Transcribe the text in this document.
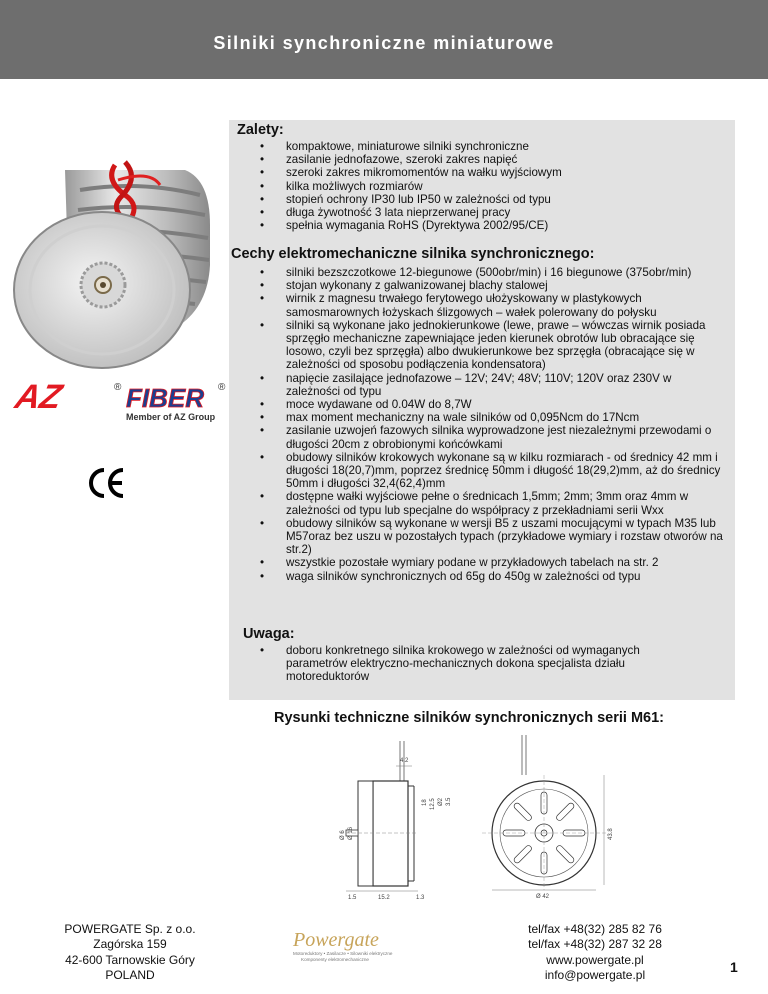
Silniki synchroniczne miniaturowe
AZ	® FIBER ®
Member of AZ Group
Zalety:
• kompaktowe, miniaturowe silniki synchroniczne
• zasilanie jednofazowe, szeroki zakres napięć
• szeroki zakres mikromomentów na wałku wyjściowym
• kilka możliwych rozmiarów
• stopień ochrony IP30 lub IP50 w zależności od typu
• długa żywotność 3 lata nieprzerwanej pracy
• spełnia wymagania RoHS (Dyrektywa 2002/95/CE)
Cechy elektromechaniczne silnika synchronicznego:
• silniki bezszczotkowe 12-biegunowe (500obr/min) i 16 biegunowe (375obr/min)
• stojan wykonany z galwanizowanej blachy stalowej
• wirnik z magnesu trwałego ferytowego ułożyskowany w plastykowych samosmarownych łożyskach ślizgowych – wałek polerowany do połysku
• silniki są wykonane jako jednokierunkowe (lewe, prawe – wówczas wirnik posiada sprzęgło mechaniczne zapewniające jeden kierunek obrotów lub obracające się losowo, czyli bez sprzęgła) albo dwukierunkowe bez sprzęgła (obracające się w zależności od sposobu podłączenia kondensatora)
• napięcie zasilające jednofazowe – 12V; 24V; 48V; 110V; 120V oraz 230V w zależności od typu
• moce wydawane od 0.04W do 8,7W
• max moment mechaniczny na wale silników od 0,095Ncm do 17Ncm
• zasilanie uzwojeń fazowych silnika wyprowadzone jest niezależnymi przewodami o długości 20cm z obrobionymi końcówkami
• obudowy silników krokowych wykonane są w kilku rozmiarach - od średnicy 42 mm i długości 18(20,7)mm, poprzez średnicę 50mm i długość 18(29,2)mm, aż do średnicy 50mm i długości 32,4(62,4)mm
• dostępne wałki wyjściowe pełne o średnicach 1,5mm; 2mm; 3mm oraz 4mm w zależności od typu lub specjalne do współpracy z przekładniami serii Wxx
• obudowy silników są wykonane w wersji B5 z uszami mocującymi w typach M35 lub M57oraz bez uszu w pozostałych typach (przykładowe wymiary i rozstaw otworów na str.2)
• wszystkie pozostałe wymiary podane w przykładowych tabelach na str. 2
• waga silników synchronicznych od 65g do 450g w zależności od typu
Uwaga:
• doboru konkretnego silnika krokowego w zależności od wymaganych parametrów elektryczno-mechanicznych dokona specjalista działu motoreduktorów
Rysunki techniczne silników synchronicznych serii M61:
4.2
18 12.5 Ø2 3.5
Ø 6 Ø 16
1.5	15.2	1.3
43.8
Ø 42
POWERGATE Sp. z o.o.
Zagórska 159
42-600 Tarnowskie Góry
POLAND
Powergate
Motoreduktory • Zasilacze • Silowniki elektryczne
Komponenty elektromechaniczne
tel/fax +48(32) 285 82 76
tel/fax +48(32) 287 32 28
www.powergate.pl
info@powergate.pl
1
